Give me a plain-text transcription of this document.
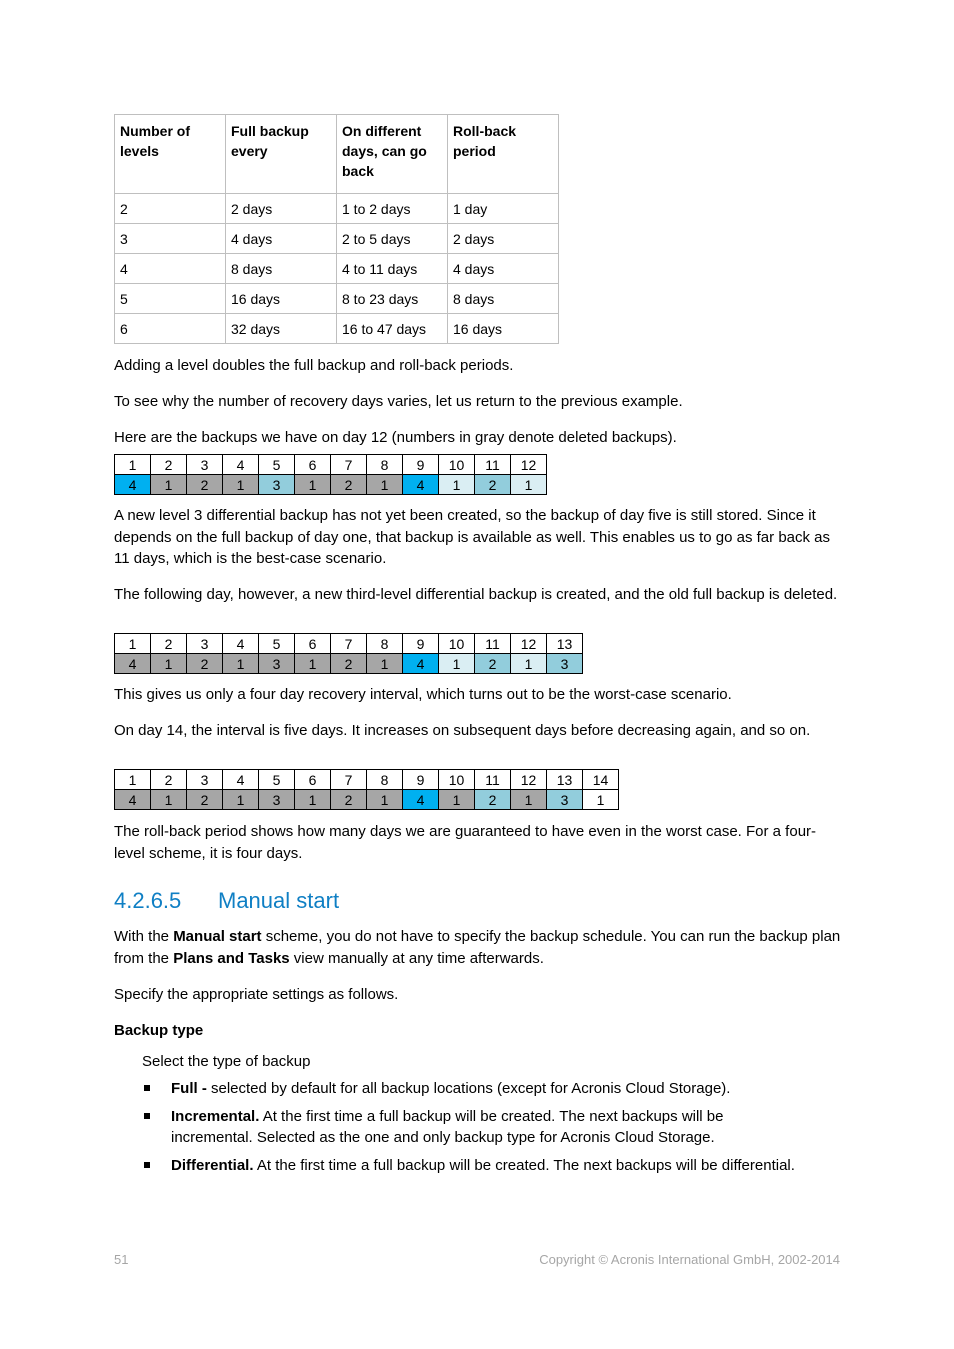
Number of levels	Full backup every	On different days, can go back	Roll-back period
2	2 days	1 to 2 days	1 day
3	4 days	2 to 5 days	2 days
4	8 days	4 to 11 days	4 days
5	16 days	8 to 23 days	8 days
6	32 days	16 to 47 days	16 days

Adding a level doubles the full backup and roll-back periods.

To see why the number of recovery days varies, let us return to the previous example.

Here are the backups we have on day 12 (numbers in gray denote deleted backups).

1	2	3	4	5	6	7	8	9	10	11	12
4	1	2	1	3	1	2	1	4	1	2	1

A new level 3 differential backup has not yet been created, so the backup of day five is still stored. Since it depends on the full backup of day one, that backup is available as well. This enables us to go as far back as 11 days, which is the best-case scenario.

The following day, however, a new third-level differential backup is created, and the old full backup is deleted.

1	2	3	4	5	6	7	8	9	10	11	12	13
4	1	2	1	3	1	2	1	4	1	2	1	3

This gives us only a four day recovery interval, which turns out to be the worst-case scenario.

On day 14, the interval is five days. It increases on subsequent days before decreasing again, and so on.

1	2	3	4	5	6	7	8	9	10	11	12	13	14
4	1	2	1	3	1	2	1	4	1	2	1	3	1

The roll-back period shows how many days we are guaranteed to have even in the worst case. For a four-level scheme, it is four days.

4.2.6.5 Manual start

With the Manual start scheme, you do not have to specify the backup schedule. You can run the backup plan from the Plans and Tasks view manually at any time afterwards.

Specify the appropriate settings as follows.

Backup type

Select the type of backup

Full - selected by default for all backup locations (except for Acronis Cloud Storage).
Incremental. At the first time a full backup will be created. The next backups will be incremental. Selected as the one and only backup type for Acronis Cloud Storage.
Differential. At the first time a full backup will be created. The next backups will be differential.
51	Copyright © Acronis International GmbH, 2002-2014
